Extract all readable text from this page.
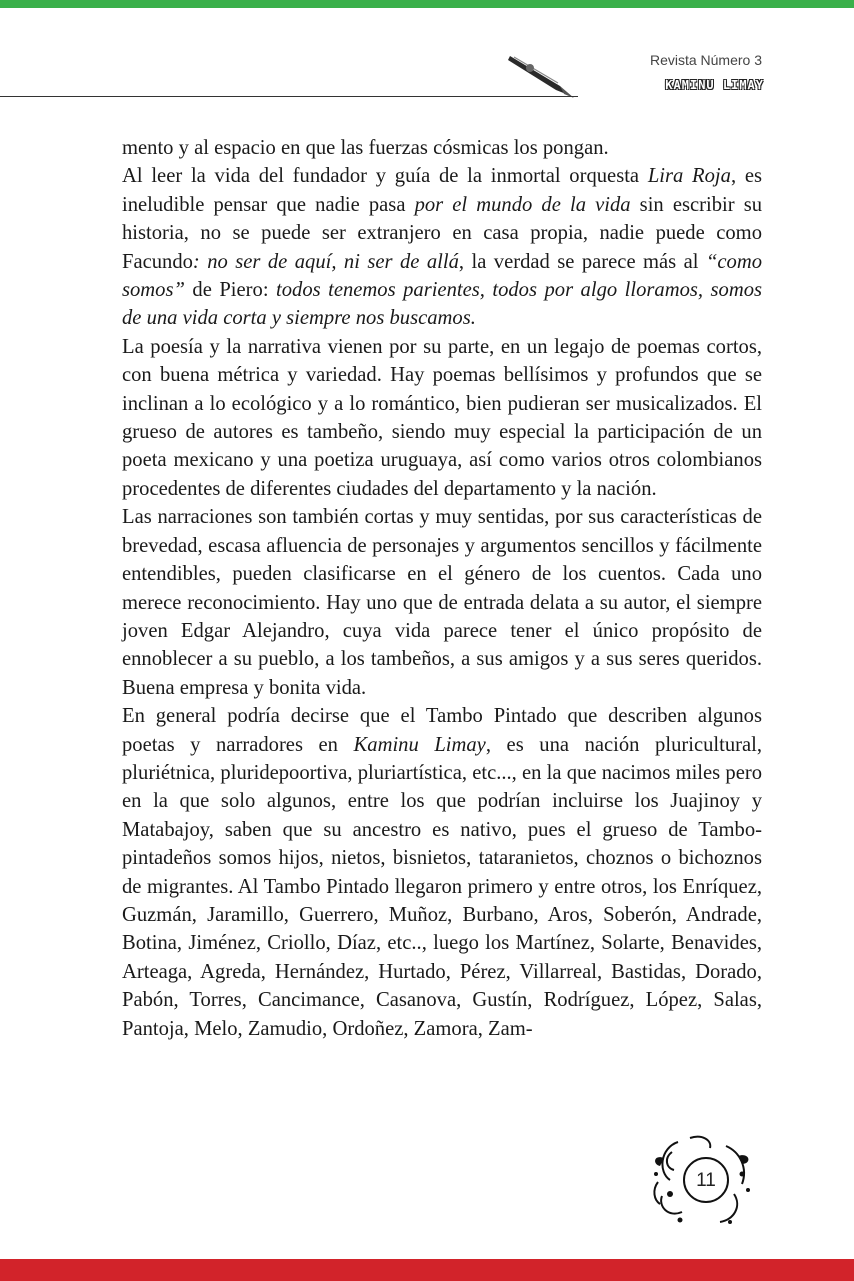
Revista Número 3
KAMINU LIMAY

mento y al espacio en que las fuerzas cósmicas los pongan.

Al leer la vida del fundador y guía de la inmortal orquesta Lira Roja, es ineludible pensar que nadie pasa por el mundo de la vida sin escribir su historia, no se puede ser extranjero en casa propia, nadie puede como Facundo: no ser de aquí, ni ser de allá, la verdad se parece más al “como somos” de Piero: todos tenemos parientes, todos por algo lloramos, somos de una vida corta y siempre nos buscamos.

La poesía y la narrativa vienen por su parte, en un legajo de poemas cortos, con buena métrica y variedad. Hay poemas bellísimos y profundos que se inclinan a lo ecológico y a lo romántico, bien pudieran ser musicalizados. El grueso de autores es tambeño, siendo muy especial la participación de un poeta mexicano y una poetiza uruguaya, así como varios otros colombianos procedentes de diferentes ciudades del departamento y la nación.

Las narraciones son también cortas y muy sentidas, por sus características de brevedad, escasa afluencia de personajes y argumentos sencillos y fácilmente entendibles, pueden clasificarse en el género de los cuentos. Cada uno merece reconocimiento. Hay uno que de entrada delata a su autor, el siempre joven Edgar Alejandro, cuya vida parece tener el único propósito de ennoblecer a su pueblo, a los tambeños, a sus amigos y a sus seres queridos. Buena empresa y bonita vida.

En general podría decirse que el Tambo Pintado que describen algunos poetas y narradores en Kaminu Limay, es una nación pluricultural, pluriétnica, pluridepoortiva, pluriartística, etc..., en la que nacimos miles pero en la que solo algunos, entre los que podrían incluirse los Juajinoy y Matabajoy, saben que su ancestro es nativo, pues el grueso de Tambo-pintadeños somos hijos, nietos, bisnietos, tataranietos, choznos o bichoznos de migrantes. Al Tambo Pintado llegaron primero y entre otros, los Enríquez, Guzmán, Jaramillo, Guerrero, Muñoz, Burbano, Aros, Soberón, Andrade, Botina, Jiménez, Criollo, Díaz, etc.., luego los Martínez, Solarte, Benavides, Arteaga, Agreda, Hernández, Hurtado, Pérez, Villarreal, Bastidas, Dorado, Pabón, Torres, Cancimance, Casanova, Gustín, Rodríguez, López, Salas, Pantoja, Melo, Zamudio, Ordoñez, Zamora, Zam-

11
